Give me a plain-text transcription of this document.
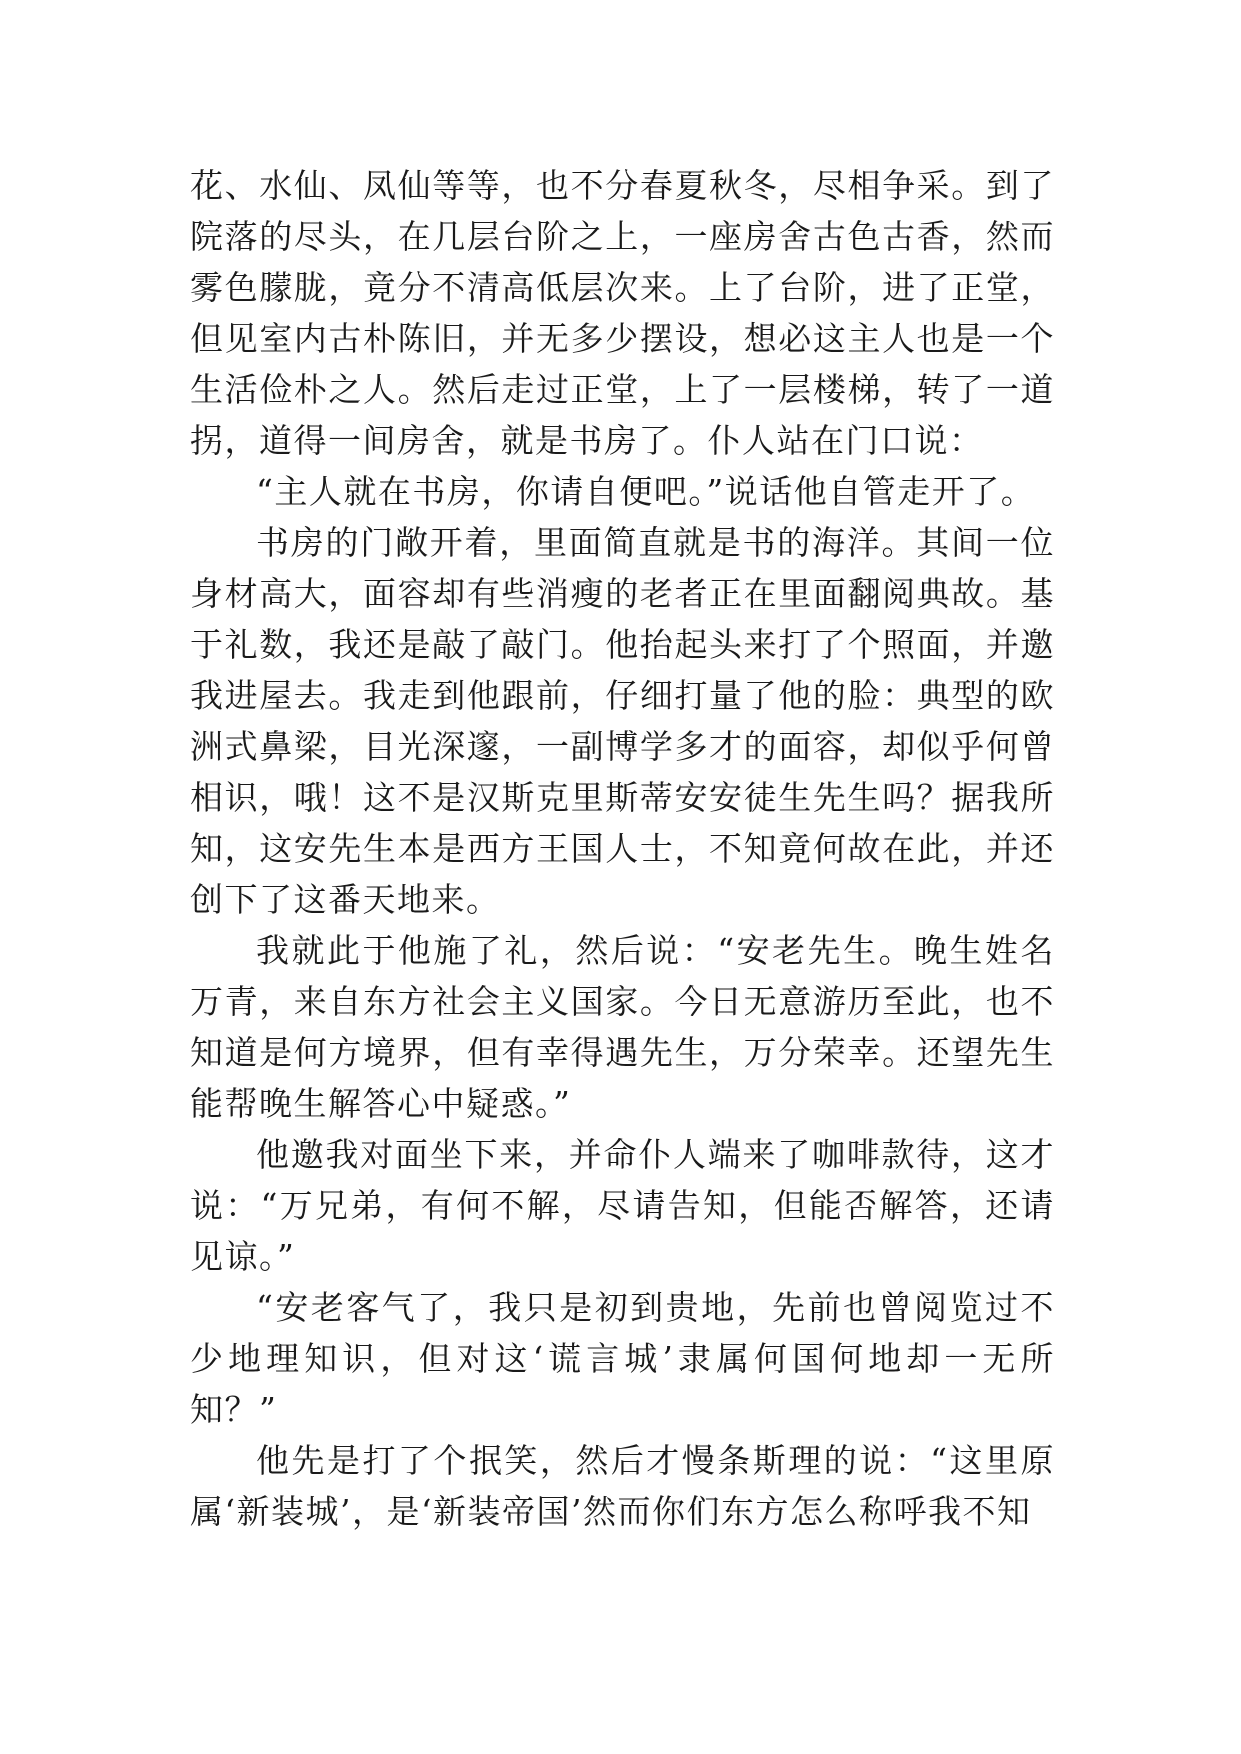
花、水仙、凤仙等等，也不分春夏秋冬，尽相争采。到了院落的尽头，在几层台阶之上，一座房舍古色古香，然而雾色朦胧，竟分不清高低层次来。上了台阶，进了正堂，但见室内古朴陈旧，并无多少摆设，想必这主人也是一个生活俭朴之人。然后走过正堂，上了一层楼梯，转了一道拐，道得一间房舍，就是书房了。仆人站在门口说：

“主人就在书房，你请自便吧。”说话他自管走开了。

书房的门敞开着，里面简直就是书的海洋。其间一位身材高大，面容却有些消瘦的老者正在里面翻阅典故。基于礼数，我还是敲了敲门。他抬起头来打了个照面，并邀我进屋去。我走到他跟前，仔细打量了他的脸：典型的欧洲式鼻梁，目光深邃，一副博学多才的面容，却似乎何曾相识，哦！这不是汉斯克里斯蒂安安徒生先生吗？据我所知，这安先生本是西方王国人士，不知竟何故在此，并还创下了这番天地来。

我就此于他施了礼，然后说：“安老先生。晚生姓名万青，来自东方社会主义国家。今日无意游历至此，也不知道是何方境界，但有幸得遇先生，万分荣幸。还望先生能帮晚生解答心中疑惑。”

他邀我对面坐下来，并命仆人端来了咖啡款待，这才说：“万兄弟，有何不解，尽请告知，但能否解答，还请见谅。”

“安老客气了，我只是初到贵地，先前也曾阅览过不少地理知识，但对这‘谎言城’隶属何国何地却一无所知？”

他先是打了个抿笑，然后才慢条斯理的说：“这里原属‘新装城’，是‘新装帝国’然而你们东方怎么称呼我不知
